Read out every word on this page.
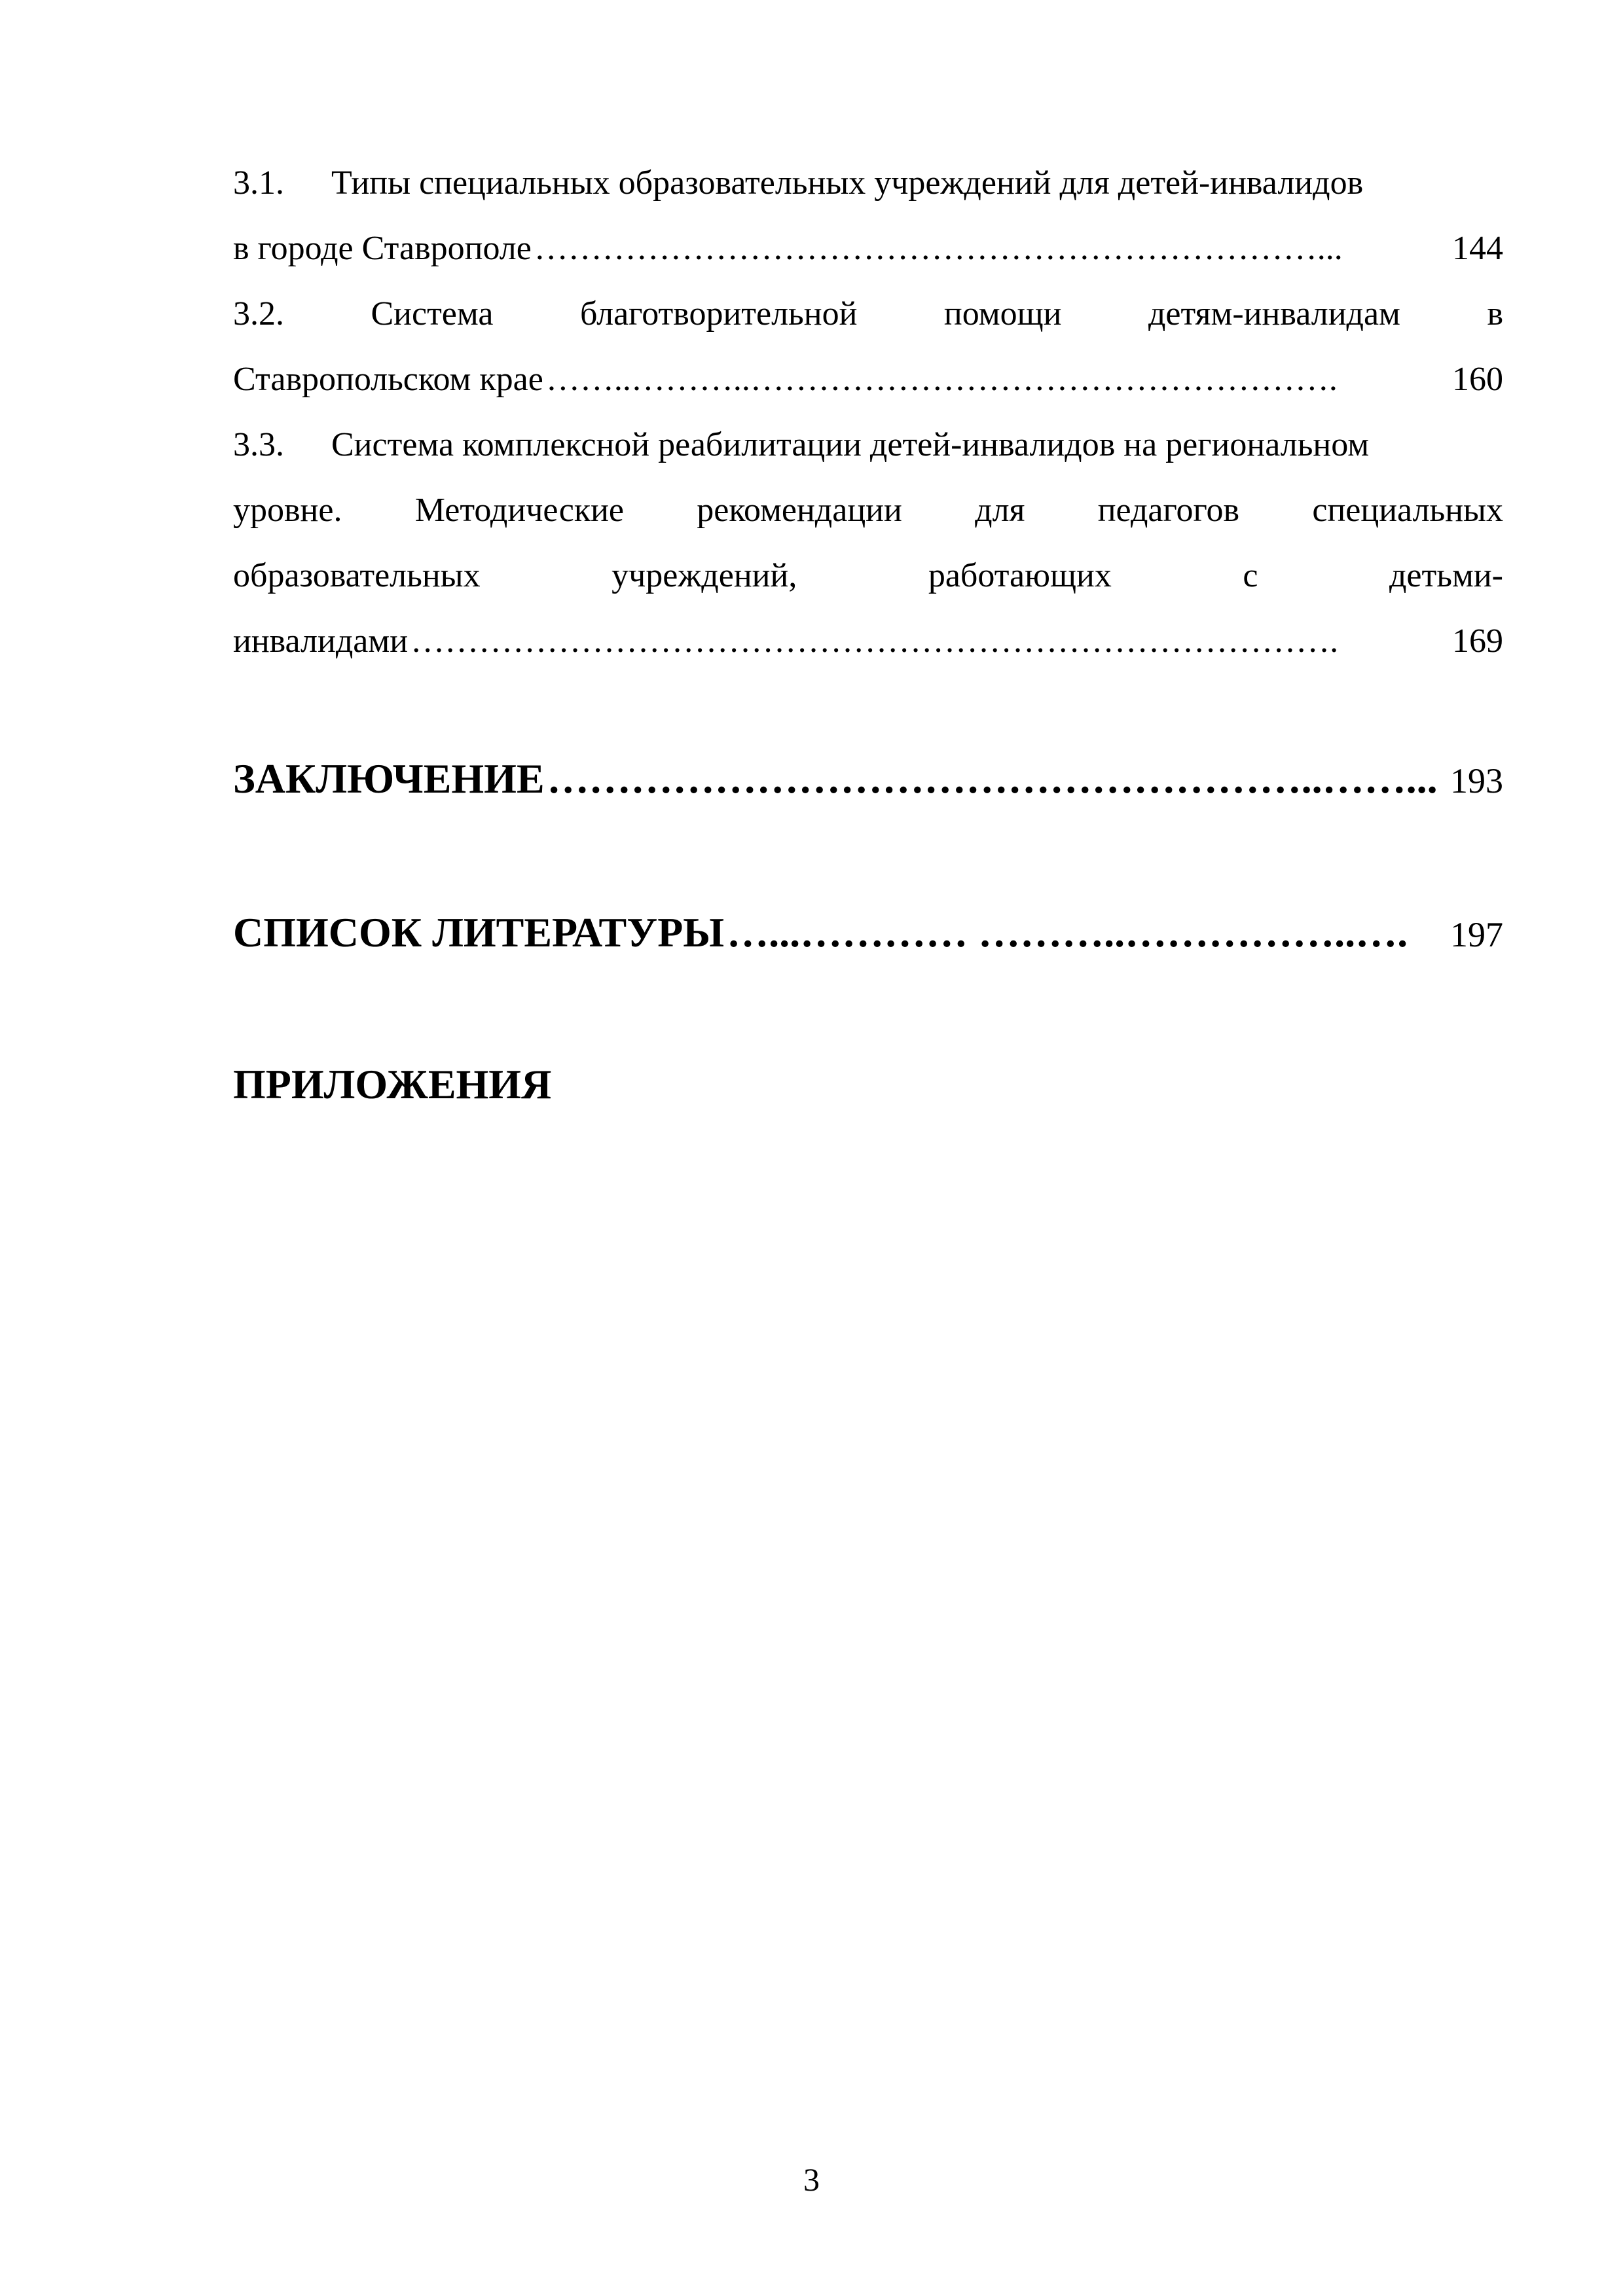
3.1. Типы специальных образовательных учреждений для детей-инвалидов
в городе Ставрополе ……………………………………………………………...	144
3.2. Система благотворительной помощи детям-инвалидам в
Ставропольском крае ……..………..…………………………………………….	160
3.3. Система комплексной реабилитации детей-инвалидов на региональном
уровне. Методические рекомендации для педагогов специальных
образовательных учреждений, работающих с детьми-
инвалидами ……………………………………………………………………….	169
ЗАКЛЮЧЕНИЕ ………………………………………………..……... 193
СПИСОК ЛИТЕРАТУРЫ …...………… ………..……………..….	197
ПРИЛОЖЕНИЯ
3
